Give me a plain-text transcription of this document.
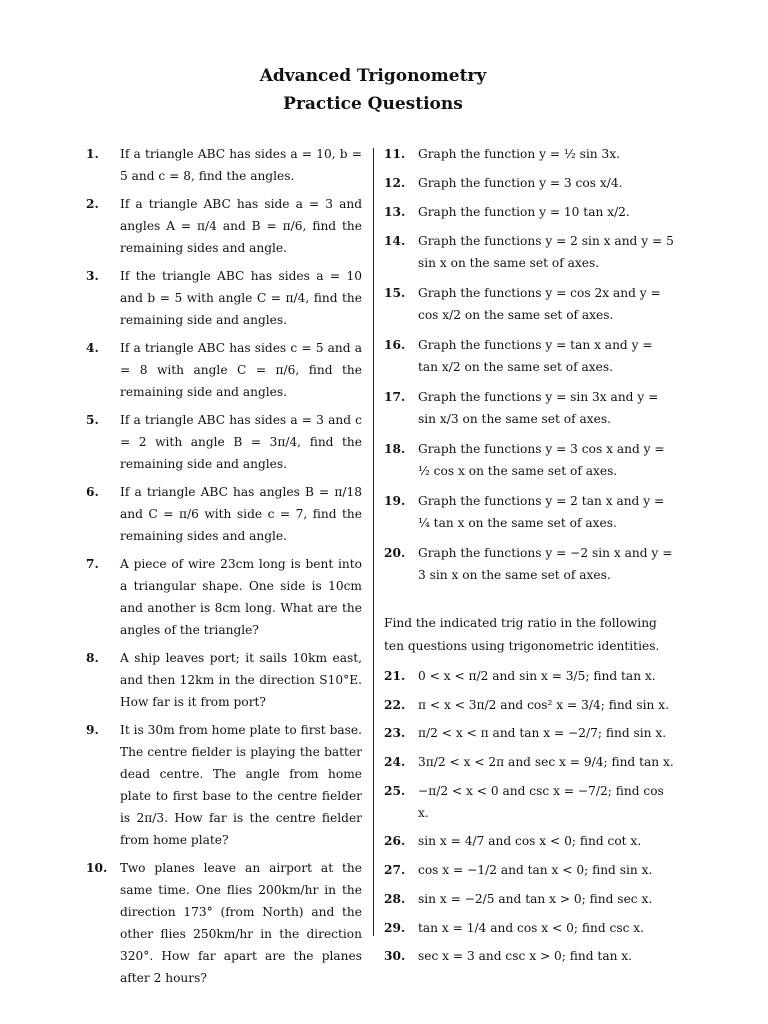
Advanced Trigonometry
Practice Questions
1.	If a triangle ABC has sides a = 10, b = 5 and c = 8, find the angles.
2.	If a triangle ABC has side a = 3 and angles A = π/4 and B = π/6, find the remaining sides and angle.
3.	If the triangle ABC has sides a = 10 and b = 5 with angle C = π/4, find the remaining side and angles.
4.	If a triangle ABC has sides c = 5 and a = 8 with angle C = π/6, find the remaining side and angles.
5.	If a triangle ABC has sides a = 3 and c = 2 with angle B = 3π/4, find the remaining side and angles.
6.	If a triangle ABC has angles B = π/18 and C = π/6 with side c = 7, find the remaining sides and angle.
7.	A piece of wire 23cm long is bent into a triangular shape. One side is 10cm and another is 8cm long. What are the angles of the triangle?
8.	A ship leaves port; it sails 10km east, and then 12km in the direction S10°E. How far is it from port?
9.	It is 30m from home plate to first base. The centre fielder is playing the batter dead centre. The angle from home plate to first base to the centre fielder is 2π/3. How far is the centre fielder from home plate?
10.	Two planes leave an airport at the same time. One flies 200km/hr in the direction 173° (from North) and the other flies 250km/hr in the direction 320°. How far apart are the planes after 2 hours?
11.	Graph the function y = ½ sin 3x.
12.	Graph the function y = 3 cos x/4.
13.	Graph the function y = 10 tan x/2.
14.	Graph the functions y = 2 sin x and y = 5 sin x on the same set of axes.
15.	Graph the functions y = cos 2x and y = cos x/2 on the same set of axes.
16.	Graph the functions y = tan x and y = tan x/2 on the same set of axes.
17.	Graph the functions y = sin 3x and y = sin x/3 on the same set of axes.
18.	Graph the functions y = 3 cos x and y = ½ cos x on the same set of axes.
19.	Graph the functions y = 2 tan x and y = ¼ tan x on the same set of axes.
20.	Graph the functions y = −2 sin x and y = 3 sin x on the same set of axes.

Find the indicated trig ratio in the following ten questions using trigonometric identities.

21.	0 < x < π/2 and sin x = 3/5; find tan x.
22.	π < x < 3π/2 and cos² x = 3/4; find sin x.
23.	π/2 < x < π and tan x = −2/7; find sin x.
24.	3π/2 < x < 2π and sec x = 9/4; find tan x.
25.	−π/2 < x < 0 and csc x = −7/2; find cos x.
26.	sin x = 4/7 and cos x < 0; find cot x.
27.	cos x = −1/2 and tan x < 0; find sin x.
28.	sin x = −2/5 and tan x > 0; find sec x.
29.	tan x = 1/4 and cos x < 0; find csc x.
30.	sec x = 3 and csc x > 0; find tan x.
